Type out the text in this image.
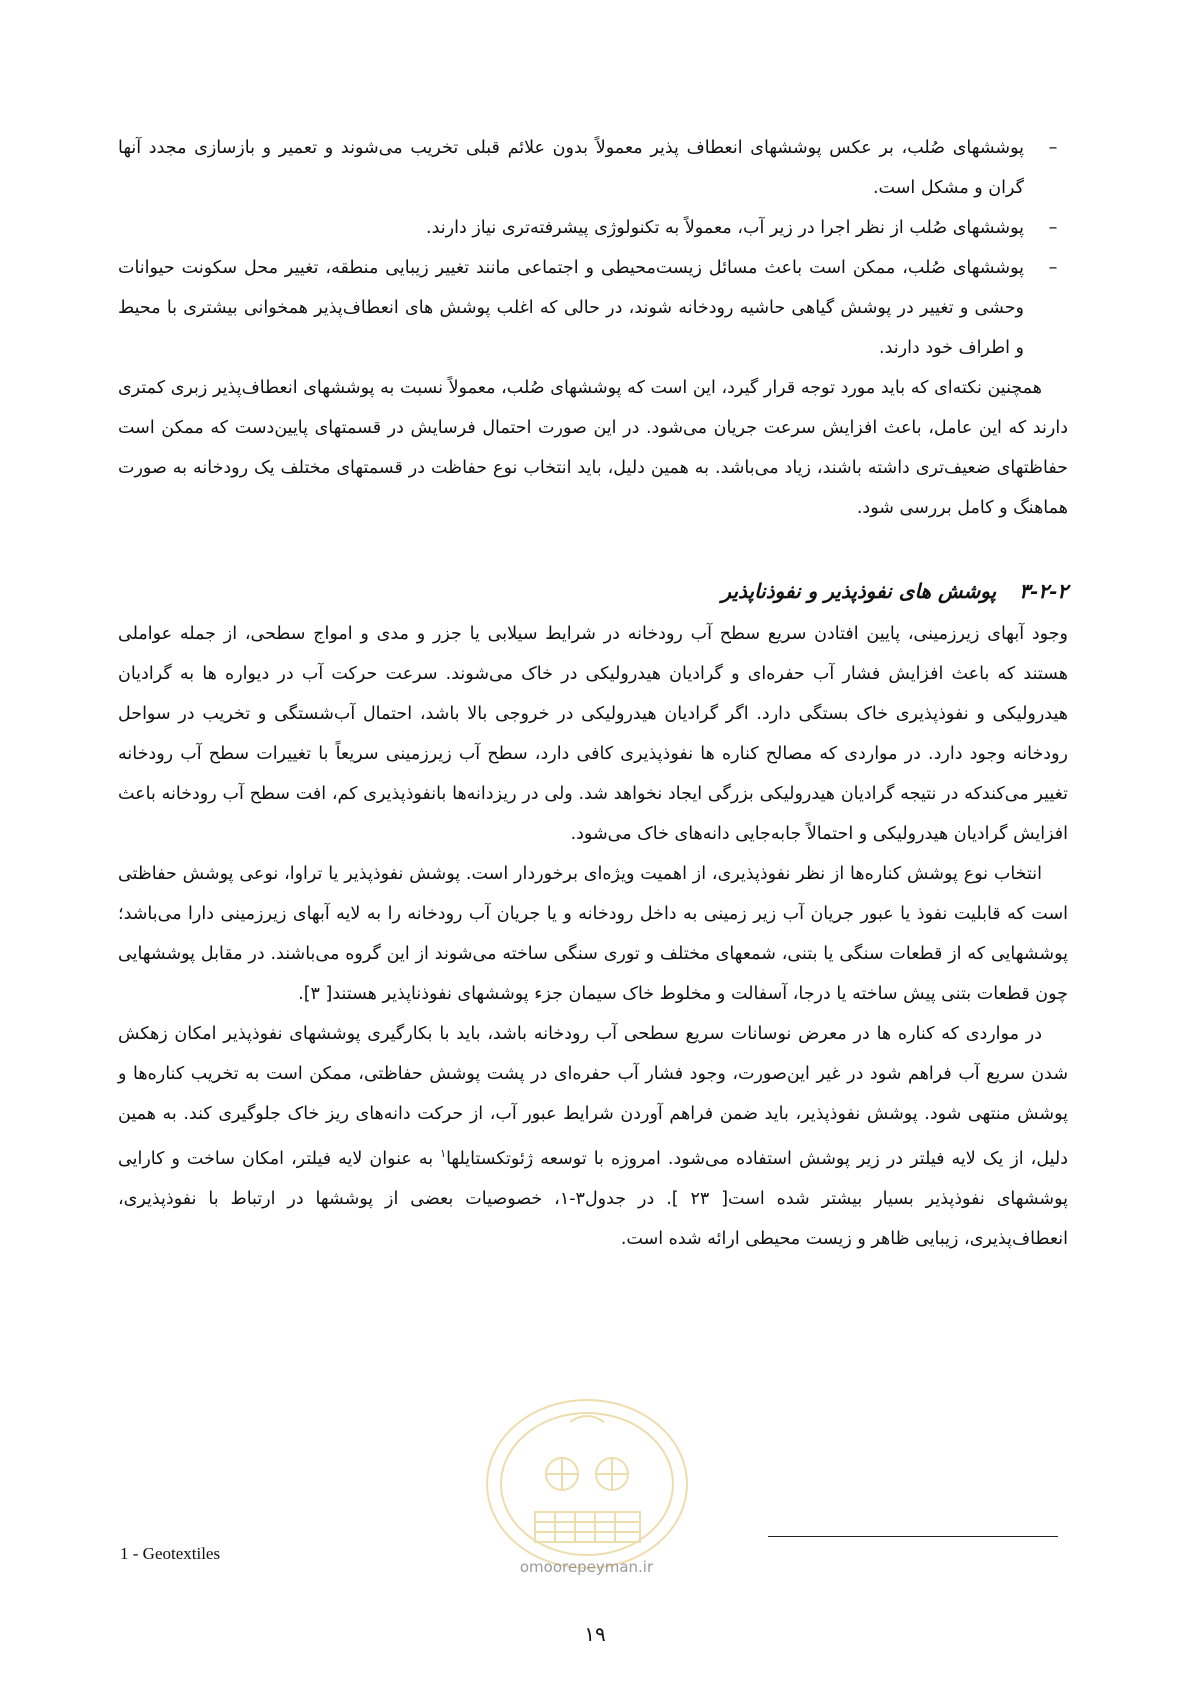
–
پوششهای صُلب، بر عکس پوششهای انعطاف پذیر معمولاً بدون علائم قبلی تخریب می‌شوند و تعمیر و بازسازی مجدد آنها گران و مشکل است.

–
پوششهای صُلب از نظر اجرا در زیر آب، معمولاً به تکنولوژی پیشرفته‌تری نیاز دارند.

–
پوششهای صُلب، ممکن است باعث مسائل زیست‌محیطی و اجتماعی مانند تغییر زیبایی منطقه، تغییر محل سکونت حیوانات وحشی و تغییر در پوشش گیاهی حاشیه رودخانه شوند، در حالی که اغلب پوشش های انعطاف‌پذیر همخوانی بیشتری با محیط و اطراف خود دارند.

همچنین نکته‌ای که باید مورد توجه قرار گیرد، این است که پوششهای صُلب، معمولاً نسبت به پوششهای انعطاف‌پذیر زبری کمتری دارند که این عامل، باعث افزایش سرعت جریان می‌شود. در این صورت احتمال فرسایش در قسمتهای پایین‌دست که ممکن است حفاظتهای ضعیف‌تری داشته باشند، زیاد می‌باشد. به همین دلیل، باید انتخاب نوع حفاظت در قسمتهای مختلف یک رودخانه به صورت هماهنگ و کامل بررسی شود.

۳-۲-۲ پوشش های نفوذپذیر و نفوذناپذیر

وجود آبهای زیرزمینی، پایین افتادن سریع سطح آب رودخانه در شرایط سیلابی یا جزر و مدی و امواج سطحی، از جمله عواملی هستند که باعث افزایش فشار آب حفره‌ای و گرادیان هیدرولیکی در خاک می‌شوند. سرعت حرکت آب در دیواره ها به گرادیان هیدرولیکی و نفوذپذیری خاک بستگی دارد. اگر گرادیان هیدرولیکی در خروجی بالا باشد، احتمال آب‌شستگی و تخریب در سواحل رودخانه وجود دارد. در مواردی که مصالح کناره ها نفوذپذیری کافی دارد، سطح آب زیرزمینی سریعاً با تغییرات سطح آب رودخانه تغییر می‌کندکه در نتیجه گرادیان هیدرولیکی بزرگی ایجاد نخواهد شد. ولی در ریزدانه‌ها بانفوذپذیری کم، افت سطح آب رودخانه باعث افزایش گرادیان هیدرولیکی و احتمالاً جابه‌جایی دانه‌های خاک می‌شود.

انتخاب نوع پوشش کناره‌ها از نظر نفوذپذیری، از اهمیت ویژه‌ای برخوردار است. پوشش نفوذپذیر یا تراوا، نوعی پوشش حفاظتی است که قابلیت نفوذ یا عبور جریان آب زیر زمینی به داخل رودخانه و یا جریان آب رودخانه را به لایه آبهای زیرزمینی دارا می‌باشد؛ پوششهایی که از قطعات سنگی یا بتنی، شمعهای مختلف و توری سنگی ساخته می‌شوند از این گروه می‌باشند. در مقابل پوششهایی چون قطعات بتنی پیش ساخته یا درجا، آسفالت و مخلوط خاک سیمان جزء پوششهای نفوذناپذیر هستند[ ۳].

در مواردی که کناره ها در معرض نوسانات سریع سطحی آب رودخانه باشد، باید با بکارگیری پوششهای نفوذپذیر امکان زهکش شدن سریع آب فراهم شود در غیر این‌صورت، وجود فشار آب حفره‌ای در پشت پوشش حفاظتی، ممکن است به تخریب کناره‌ها و پوشش منتهی شود. پوشش نفوذپذیر، باید ضمن فراهم آوردن شرایط عبور آب، از حرکت دانه‌های ریز خاک جلوگیری کند. به همین دلیل، از یک لایه فیلتر در زیر پوشش استفاده می‌شود. امروزه با توسعه ژئوتکستایلها$^۱$ به عنوان لایه فیلتر، امکان ساخت و کارایی پوششهای نفوذپذیر بسیار بیشتر شده است[ ۲۳ ]. در جدول۳-۱، خصوصیات بعضی از پوششها در ارتباط با نفوذپذیری، انعطاف‌پذیری، زیبایی ظاهر و زیست محیطی ارائه شده است.

omoorepeyman.ir
1 - Geotextiles
۱۹
